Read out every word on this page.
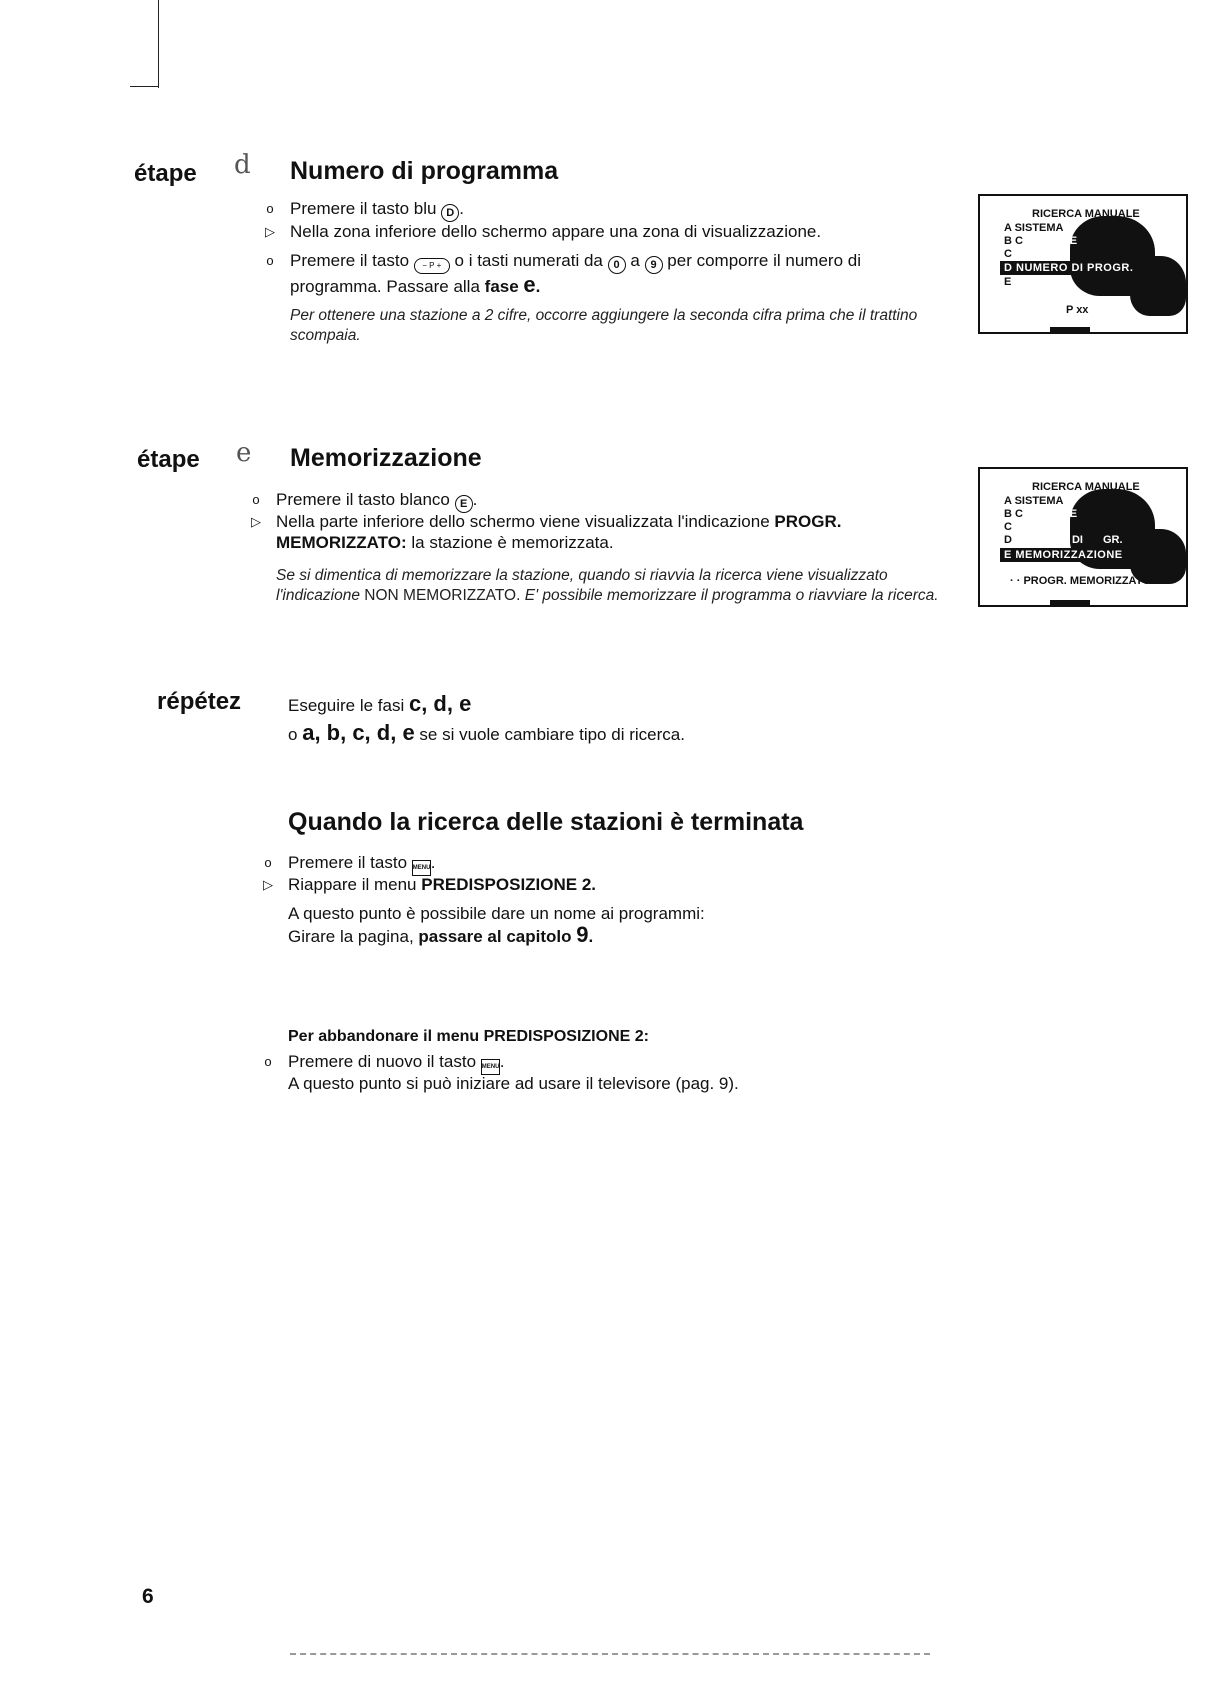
étape d Numero di programma
o Premere il tasto blu D .
▷ Nella zona inferiore dello schermo appare una zona di visualizzazione.
o Premere il tasto − P + o i tasti numerati da 0 a 9 per comporre il numero di programma. Passare alla fase e.
Per ottenere una stazione a 2 cifre, occorre aggiungere la seconda cifra prima che il trattino scompaia.
RICERCA MANUALE
A SISTEMA
B C / FRE
C
D NUMERO DI PROGR.
E
P xx
étape e Memorizzazione
o Premere il tasto blanco E .
▷ Nella parte inferiore dello schermo viene visualizzata l'indicazione PROGR. MEMORIZZATO: la stazione è memorizzata.
Se si dimentica di memorizzare la stazione, quando si riavvia la ricerca viene visualizzato l'indicazione NON MEMORIZZATO. E' possibile memorizzare il programma o riavviare la ricerca.
RICERCA MANUALE
A SISTEMA
B C / FRE
C
D	DI GR.
E MEMORIZZAZIONE
· · PROGR. MEMORIZZATO
répétez	Eseguire le fasi c, d, e
o a, b, c, d, e se si vuole cambiare tipo di ricerca.
Quando la ricerca delle stazioni è terminata
o Premere il tasto MENU.
▷ Riappare il menu PREDISPOSIZIONE 2.
A questo punto è possibile dare un nome ai programmi:
Girare la pagina, passare al capitolo 9.
Per abbandonare il menu PREDISPOSIZIONE 2:
o Premere di nuovo il tasto MENU.
A questo punto si può iniziare ad usare il televisore (pag. 9).
6
